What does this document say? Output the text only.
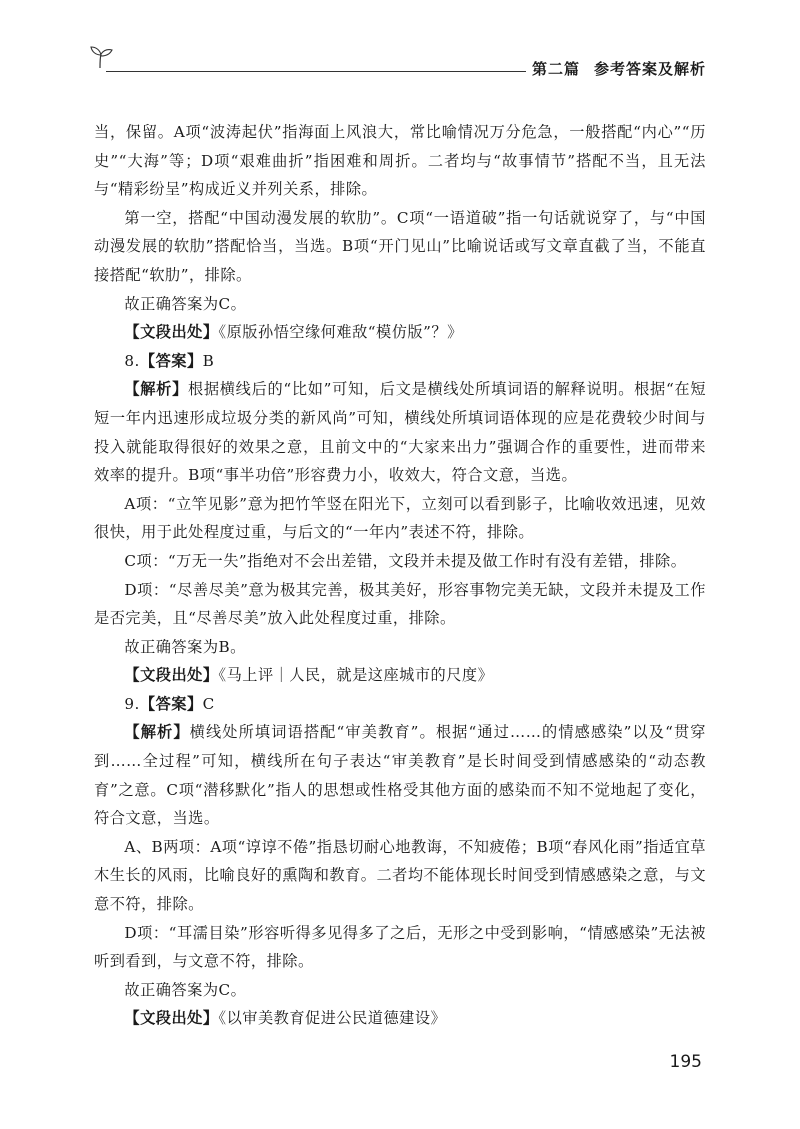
第二篇 参考答案及解析

当，保留。A项“波涛起伏”指海面上风浪大，常比喻情况万分危急，一般搭配“内心”“历史”“大海”等；D项“艰难曲折”指困难和周折。二者均与“故事情节”搭配不当，且无法与“精彩纷呈”构成近义并列关系，排除。

第一空，搭配“中国动漫发展的软肋”。C项“一语道破”指一句话就说穿了，与“中国动漫发展的软肋”搭配恰当，当选。B项“开门见山”比喻说话或写文章直截了当，不能直接搭配“软肋”，排除。

故正确答案为C。

【文段出处】《原版孙悟空缘何难敌“模仿版”？》

8.【答案】B

【解析】根据横线后的“比如”可知，后文是横线处所填词语的解释说明。根据“在短短一年内迅速形成垃圾分类的新风尚”可知，横线处所填词语体现的应是花费较少时间与投入就能取得很好的效果之意，且前文中的“大家来出力”强调合作的重要性，进而带来效率的提升。B项“事半功倍”形容费力小，收效大，符合文意，当选。

A项：“立竿见影”意为把竹竿竖在阳光下，立刻可以看到影子，比喻收效迅速，见效很快，用于此处程度过重，与后文的“一年内”表述不符，排除。

C项：“万无一失”指绝对不会出差错，文段并未提及做工作时有没有差错，排除。

D项：“尽善尽美”意为极其完善，极其美好，形容事物完美无缺，文段并未提及工作是否完美，且“尽善尽美”放入此处程度过重，排除。

故正确答案为B。

【文段出处】《马上评｜人民，就是这座城市的尺度》

9.【答案】C

【解析】横线处所填词语搭配“审美教育”。根据“通过……的情感感染”以及“贯穿到……全过程”可知，横线所在句子表达“审美教育”是长时间受到情感感染的“动态教育”之意。C项“潜移默化”指人的思想或性格受其他方面的感染而不知不觉地起了变化，符合文意，当选。

A、B两项：A项“谆谆不倦”指恳切耐心地教诲，不知疲倦；B项“春风化雨”指适宜草木生长的风雨，比喻良好的熏陶和教育。二者均不能体现长时间受到情感感染之意，与文意不符，排除。

D项：“耳濡目染”形容听得多见得多了之后，无形之中受到影响，“情感感染”无法被听到看到，与文意不符，排除。

故正确答案为C。

【文段出处】《以审美教育促进公民道德建设》

195
